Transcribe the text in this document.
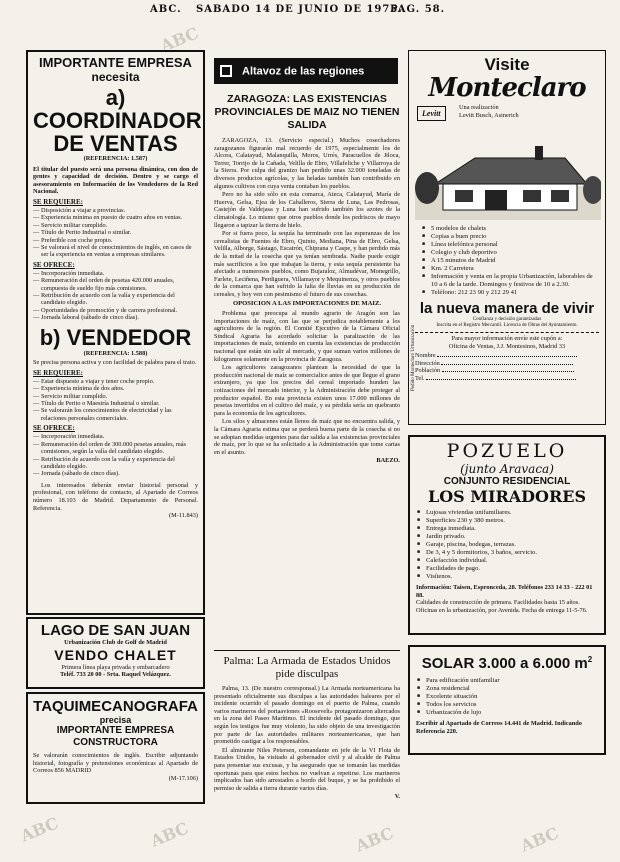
ABC. SABADO 14 DE JUNIO DE 1975.
PAG. 58.
ABC
ABC	ABC	ABC	ABC
IMPORTANTE EMPRESA
necesita
a) COORDINADOR DE VENTAS
(REFERENCIA: 1.587)
El titular del puesto será una persona dinámica, con don de gentes y capacidad de decisión. Dentro y se cargo el asesoramiento en Información de los Vendedores de la Red Nacional.
SE REQUIERE:
— Disposición a viajar a provincias.
— Experiencia mínima en puesto de cuatro años en ventas.
— Servicio militar cumplido.
— Título de Perito Industrial o similar.
— Preferible con coche propio.
— Se valorará el nivel de conocimientos de inglés, en casos de ser la experiencia en ventas a empresas similares.
SE OFRECE:
— Incorporación inmediata.
— Remuneración del orden de pesetas 420.000 anuales, compuesta de sueldo fijo más comisiones.
— Retribución de acuerdo con la valía y experiencia del candidato elegido.
— Oportunidades de promoción y de carrera profesional.
— Jornada laboral (sábado de cinco días).
b) VENDEDOR
(REFERENCIA: 1.588)
Se precisa persona activa y con facilidad de palabra para el trato.
SE REQUIERE:
— Estar dispuesto a viajar y tener coche propio.
— Experiencia mínima de dos años.
— Servicio militar cumplido.
— Título de Perito o Maestría Industrial o similar.
— Se valorarán los conocimientos de electricidad y las relaciones personales comerciales.
SE OFRECE:
— Incorporación inmediata.
— Remuneración del orden de 300.000 pesetas anuales, más comisiones, según la valía del candidato elegido.
— Retribución de acuerdo con la valía y experiencia del candidato elegido.
— Jornada (sábado de cinco días).
Los interesados deberán enviar historial personal y profesional, con teléfono de contacto, al Apartado de Correos número 18.103 de Madrid. Departamento de Personal. Referencia.
(M-11.843)
LAGO DE SAN JUAN
Urbanización Club de Golf de Madrid
VENDO CHALET
Primera línea playa privada y embarcadero
Teléf. 733 20 00 - Srta. Raquel Velázquez.
TAQUIMECANOGRAFA
precisa
IMPORTANTE EMPRESA CONSTRUCTORA
Se valorarán conocimientos de inglés. Escribir adjuntando historial, fotografía y pretensiones económicas al Apartado de Correos 856 MADRID
(M-17.106)
Altavoz de las regiones
ZARAGOZA: LAS EXISTENCIAS PROVINCIALES DE MAIZ NO TIENEN SALIDA

ZARAGOZA, 13. (Servicio especial.) Muchos cosechadores zaragozanos figurarán mal recuerdo de 1975, especialmente los de Alcora, Calatayud, Malanquilla, Moros, Urrés, Paracuellos de Jiloca, Terrer, Torrijo de la Cañada, Velilla de Ebro, Villafeliche y Villarroya de la Sierra. Por culpa del granizo han perdido unas 32.000 toneladas de diversos productos agrícolas, y las heladas también han contribuido en algunos cultivos con cuya venta contaban los pueblos.

Pero no ha sido sólo en esta comarca, Ateca, Calatayud, María de Huerva, Gelsa, Ejea de los Caballeros, Sierra de Luna, Las Pedrosas, Castejón de Valdejasa y Luna han sufrido también los azotes de la climatología. Lo mismo que otros pueblos donde los pedriscos de mayo llegaron a tapizar la tierra de hielo.

Por si fuera poco, la sequía ha terminado con las esperanzas de los cerealistas de Fuentes de Ebro, Quinto, Mediana, Pina de Ebro, Gelsa, Velilla, Alborge, Sástago, Escatrón, Chiprana y Caspe, y han perdido más de la mitad de la cosecha que ya tenían sembrada. Nadie puede exigir más sacrificios a los que trabajan la tierra, y esta sequía persistente ha afectado a numerosos pueblos, como Bujaraloz, Almudévar, Monegrillo, Farlete, Leciñena, Perdiguera, Villamayor y Mequinenza, y otros pueblos de la comarca que han sufrido la falta de lluvias en su producción de cereales, y hoy ven con pesimismo el futuro de sus cosechas.

OPOSICION A LAS IMPORTACIONES DE MAIZ.

Problema que preocupa al mundo agrario de Aragón son las importaciones de maíz, con las que se perjudica notablemente a los agricultores de la región. El Comité Ejecutivo de la Cámara Oficial Sindical Agraria ha acordado solicitar la paralización de las importaciones de maíz, teniendo en cuenta las existencias de producción nacional que están sin salir al mercado, y que suman varios millones de kilogramos solamente en la provincia de Zaragoza.

Los agricultores zaragozanos plantean la necesidad de que la producción nacional de maíz se comercialice antes de que llegue el grano extranjero, ya que los precios del cereal importado hunden las cotizaciones del mercado interior, y la Administración debe proteger al productor español. En esta provincia existen unos 17.000 millones de pesetas invertidos en el cultivo del maíz, y su pérdida sería un quebranto para la economía de los agricultores.

Los silos y almacenes están llenos de maíz que no encuentra salida, y la Cámara Agraria estima que se perderá buena parte de la cosecha si no se adoptan medidas urgentes para dar salida a las existencias provinciales de maíz, por lo que se ha solicitado a la Administración que tome cartas en el asunto.

BAEZO.
Palma: La Armada de Estados Unidos pide disculpas

Palma, 13. (De nuestro corresponsal.) La Armada norteamericana ha presentado oficialmente sus disculpas a las autoridades baleares por el incidente ocurrido el pasado domingo en el puerto de Palma, cuando varios marineros del portaaviones «Roosevelt» protagonizaron altercados en la zona del Paseo Marítimo. El incidente del pasado domingo, que según los testigos fue muy violento, ha sido objeto de una investigación por parte de las autoridades militares norteamericanas, que han prometido castigar a los responsables.

El almirante Niles Petersen, comandante en jefe de la VI Flota de Estados Unidos, ha visitado al gobernador civil y al alcalde de Palma para presentar sus excusas, y ha asegurado que se tomarán las medidas oportunas para que estos hechos no vuelvan a repetirse. Los marineros implicados han sido arrestados a bordo del buque, y se ha prohibido el permiso de salida a tierra durante varios días.

V.
Visite
Monteclaro
Levitt
Una realización
Levitt Busch, Asinerich
Pedido Monteclaro Urbanización
■ 5 modelos de chalets
■ Copias a buen precio
■ Línea telefónica personal
■ Colegio y club deportivo
■ A 15 minutos de Madrid
■ Km. 2 Carretera
■ Información y venta en la propia Urbanización, laborables de 10 a 6 de la tarde. Domingos y festivos de 10 a 2.30.
■ Teléfono: 212 23 90 y 212 29 41
la nueva manera de vivir
Confianza y decisión garantizadas
Inscrita en el Registro Mercantil. Licencia de Obras del Ayuntamiento.
Para mayor información envíe este cupón a:
Oficina de Ventas, J.J. Montesinos, Madrid 33
Nombre
Dirección
Población
Tel.
POZUELO
(junto Aravaca)
CONJUNTO RESIDENCIAL
LOS MIRADORES
■ Lujosas viviendas unifamiliares.
■ Superficies 230 y 380 metros.
■ Entrega inmediata.
■ Jardín privado.
■ Garaje, piscina, bodegas, terrazas.
■ De 3, 4 y 5 dormitorios, 3 baños, servicio.
■ Calefacción individual.
■ Facilidades de pago.
■ Visítenos.
Información: Taisen, Espronceda, 28. Teléfonos 233 14 33 - 222 01 88.
Calidades de construcción de primera. Facilidades hasta 15 años. Oficinas en la urbanización, por Avenida. Fecha de entrega 11-5-76.
SOLAR 3.000 a 6.000 $m^2$
■ Para edificación unifamiliar
■ Zona residencial
■ Excelente situación
■ Todos los servicios
■ Urbanización de lujo
Escribir al Apartado de Correos 14.441 de Madrid. Indicando Referencia 220.
